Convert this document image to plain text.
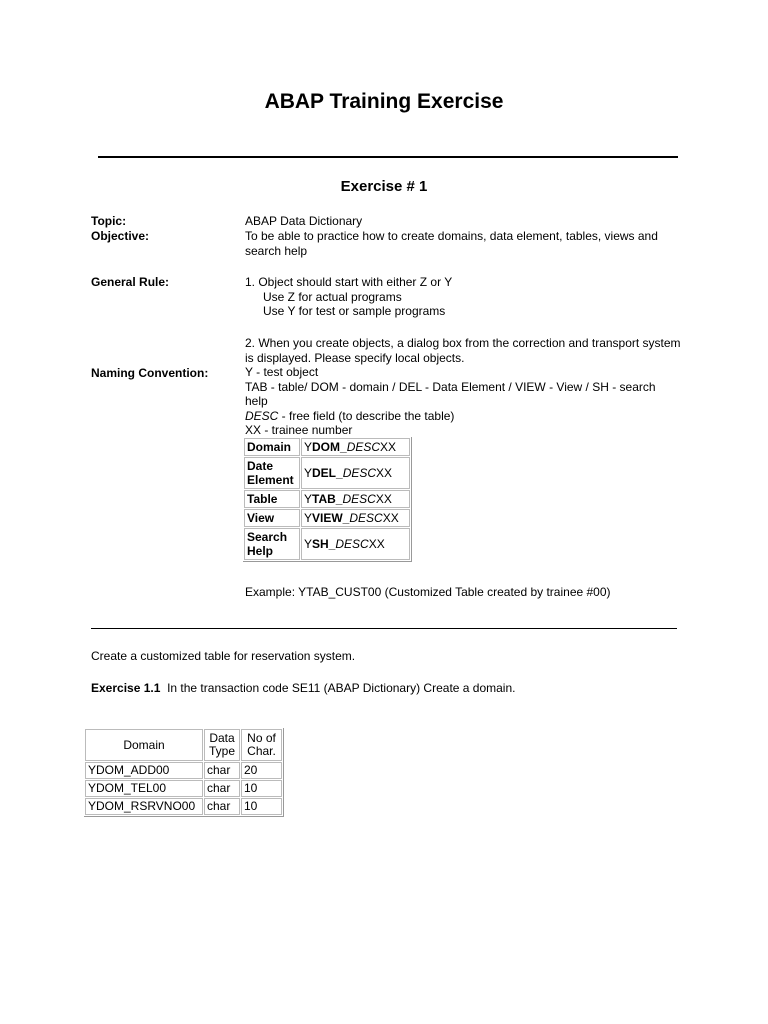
ABAP Training Exercise
Exercise # 1
Topic:	ABAP Data Dictionary
Objective:	To be able to practice how to create domains, data element, tables, views and search help
General Rule:	1. Object should start with either Z or Y
Use Z for actual programs
Use Y for test or sample programs
2. When you create objects, a dialog box from the correction and transport system is displayed. Please specify local objects.
Naming Convention:	Y - test object
TAB - table/ DOM - domain / DEL - Data Element / VIEW - View / SH - search help
DESC - free field (to describe the table)
XX - trainee number
Domain	YDOM_DESCXX
Date Element	YDEL_DESCXX
Table	YTAB_DESCXX
View	YVIEW_DESCXX
Search Help	YSH_DESCXX
Example: YTAB_CUST00 (Customized Table created by trainee #00)
Create a customized table for reservation system.
Exercise 1.1 In the transaction code SE11 (ABAP Dictionary) Create a domain.
Domain	Data Type	No of Char.
YDOM_ADD00	char	20
YDOM_TEL00	char	10
YDOM_RSRVNO00	char	10
